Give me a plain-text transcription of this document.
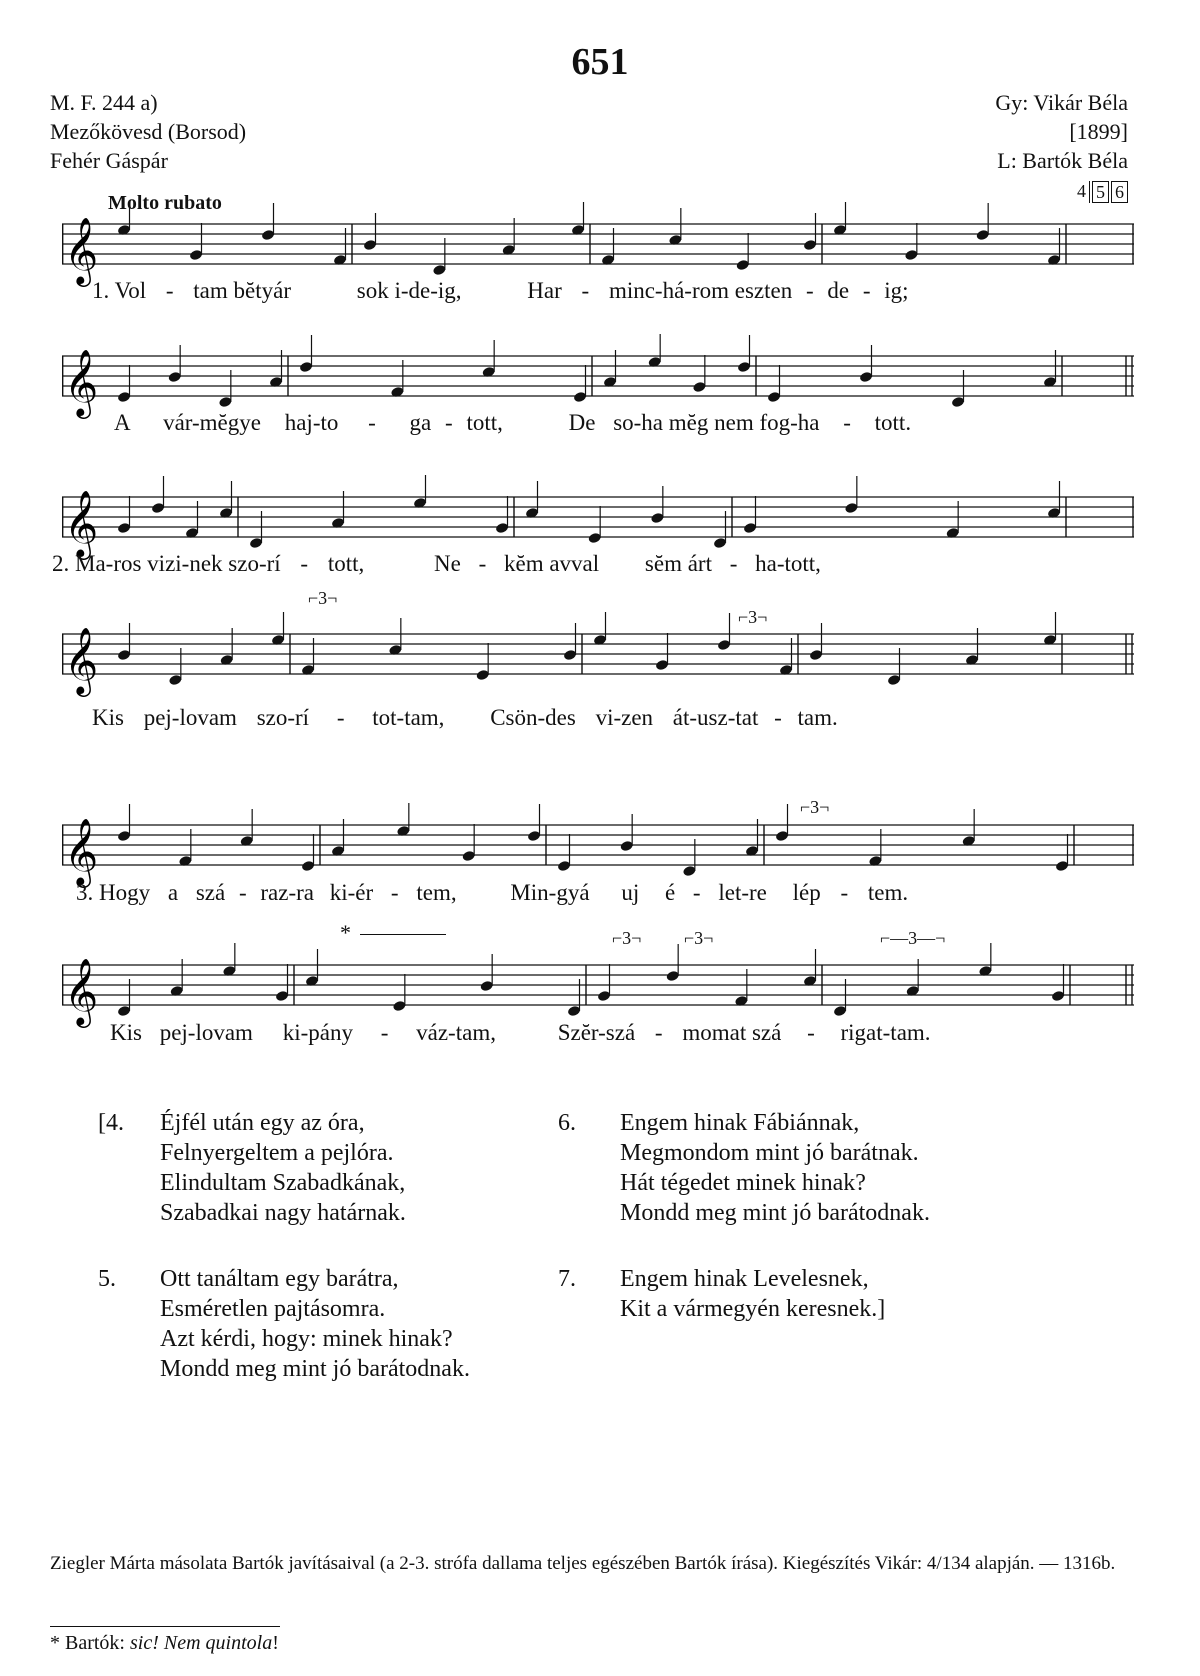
651
M. F. 244 a)
Mezőkövesd (Borsod)
Fehér Gáspár
Gy: Vikár Béla
[1899]
L: Bartók Béla
4 5 6
Molto rubato
𝄞
𝄞
𝄞
𝄞
𝄞
𝄞
1. Vol - tam bĕtyár	sok i-de-ig,	Har - minc-há-rom eszten - de - ig;
A vár-mĕgye haj-to - ga - tott,	De so-ha mĕg nem fog-ha - tott.
2. Ma-ros vizi-nek szo-rí - tott,	Ne - kĕm avval sĕm árt - ha-tott,
Kis pej-lovam szo-rí - tot-tam, Csön-des vi-zen át-usz-tat - tam.
3. Hogy a szá - raz-ra ki-ér - tem, Min-gyá uj é - let-re lép - tem.
Kis pej-lovam ki-pány - váz-tam,	Szĕr-szá - momat szá - rigat-tam.
⌐3¬
⌐3¬
⌐3¬
⌐3¬ ⌐3¬	⌐—3—¬
*
[4. Éjfél után egy az óra,
Felnyergeltem a pejlóra.
Elindultam Szabadkának,
Szabadkai nagy határnak.
5. Ott tanáltam egy barátra,
Esméretlen pajtásomra.
Azt kérdi, hogy: minek hinak?
Mondd meg mint jó barátodnak.
6. Engem hinak Fábiánnak,
Megmondom mint jó barátnak.
Hát tégedet minek hinak?
Mondd meg mint jó barátodnak.
7. Engem hinak Levelesnek,
Kit a vármegyén keresnek.]
Ziegler Márta másolata Bartók javításaival (a 2-3. strófa dallama teljes egészében Bartók írása). Kiegészítés Vikár: 4/134 alapján. — 1316b.
* Bartók: sic! Nem quintola!
